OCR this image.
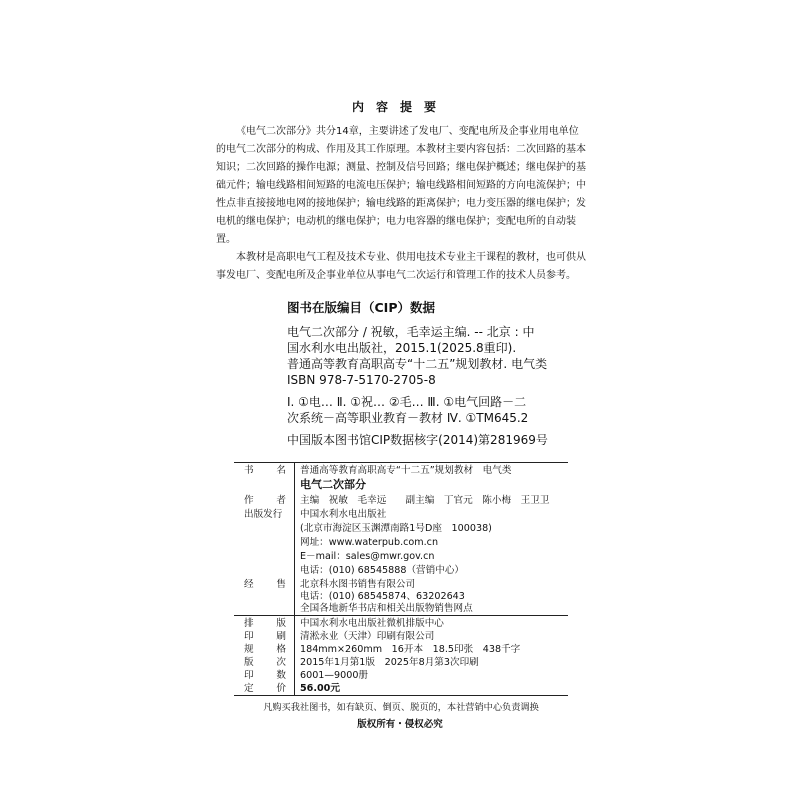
内容提要

《电气二次部分》共分14章，主要讲述了发电厂、变配电所及企事业用电单位的电气二次部分的构成、作用及其工作原理。本教材主要内容包括：二次回路的基本知识；二次回路的操作电源；测量、控制及信号回路；继电保护概述；继电保护的基础元件；输电线路相间短路的电流电压保护；输电线路相间短路的方向电流保护；中性点非直接接地电网的接地保护；输电线路的距离保护；电力变压器的继电保护；发电机的继电保护；电动机的继电保护；电力电容器的继电保护；变配电所的自动装置。

本教材是高职电气工程及技术专业、供用电技术专业主干课程的教材，也可供从事发电厂、变配电所及企事业单位从事电气二次运行和管理工作的技术人员参考。

图书在版编目（CIP）数据
电气二次部分 / 祝敏，毛幸运主编. -- 北京 : 中
国水利水电出版社，2015.1(2025.8重印).
普通高等教育高职高专“十二五”规划教材. 电气类
ISBN 978-7-5170-2705-8
Ⅰ. ①电… Ⅱ. ①祝… ②毛… Ⅲ. ①电气回路－二
次系统－高等职业教育－教材 Ⅳ. ①TM645.2
中国版本图书馆CIP数据核字(2014)第281969号
书 名 普通高等教育高职高专“十二五”规划教材　电气类
电气二次部分
作 者 主编　祝敏　毛幸远　　副主编　丁官元　陈小梅　王卫卫
出版发行 中国水利水电出版社
(北京市海淀区玉渊潭南路1号D座　100038)
网址：www.waterpub.com.cn
E－mail：sales@mwr.gov.cn
电话：(010) 68545888（营销中心）
经 售 北京科水图书销售有限公司
电话：(010) 68545874、63202643
全国各地新华书店和相关出版物销售网点
排 版 中国水利水电出版社微机排版中心
印 刷 清淞永业（天津）印刷有限公司
规 格 184mm×260mm　16开本　18.5印张　438千字
版 次 2015年1月第1版　2025年8月第3次印刷
印 数 6001—9000册
定 价 56.00元
凡购买我社图书，如有缺页、倒页、脱页的，本社营销中心负责调换
版权所有・侵权必究
